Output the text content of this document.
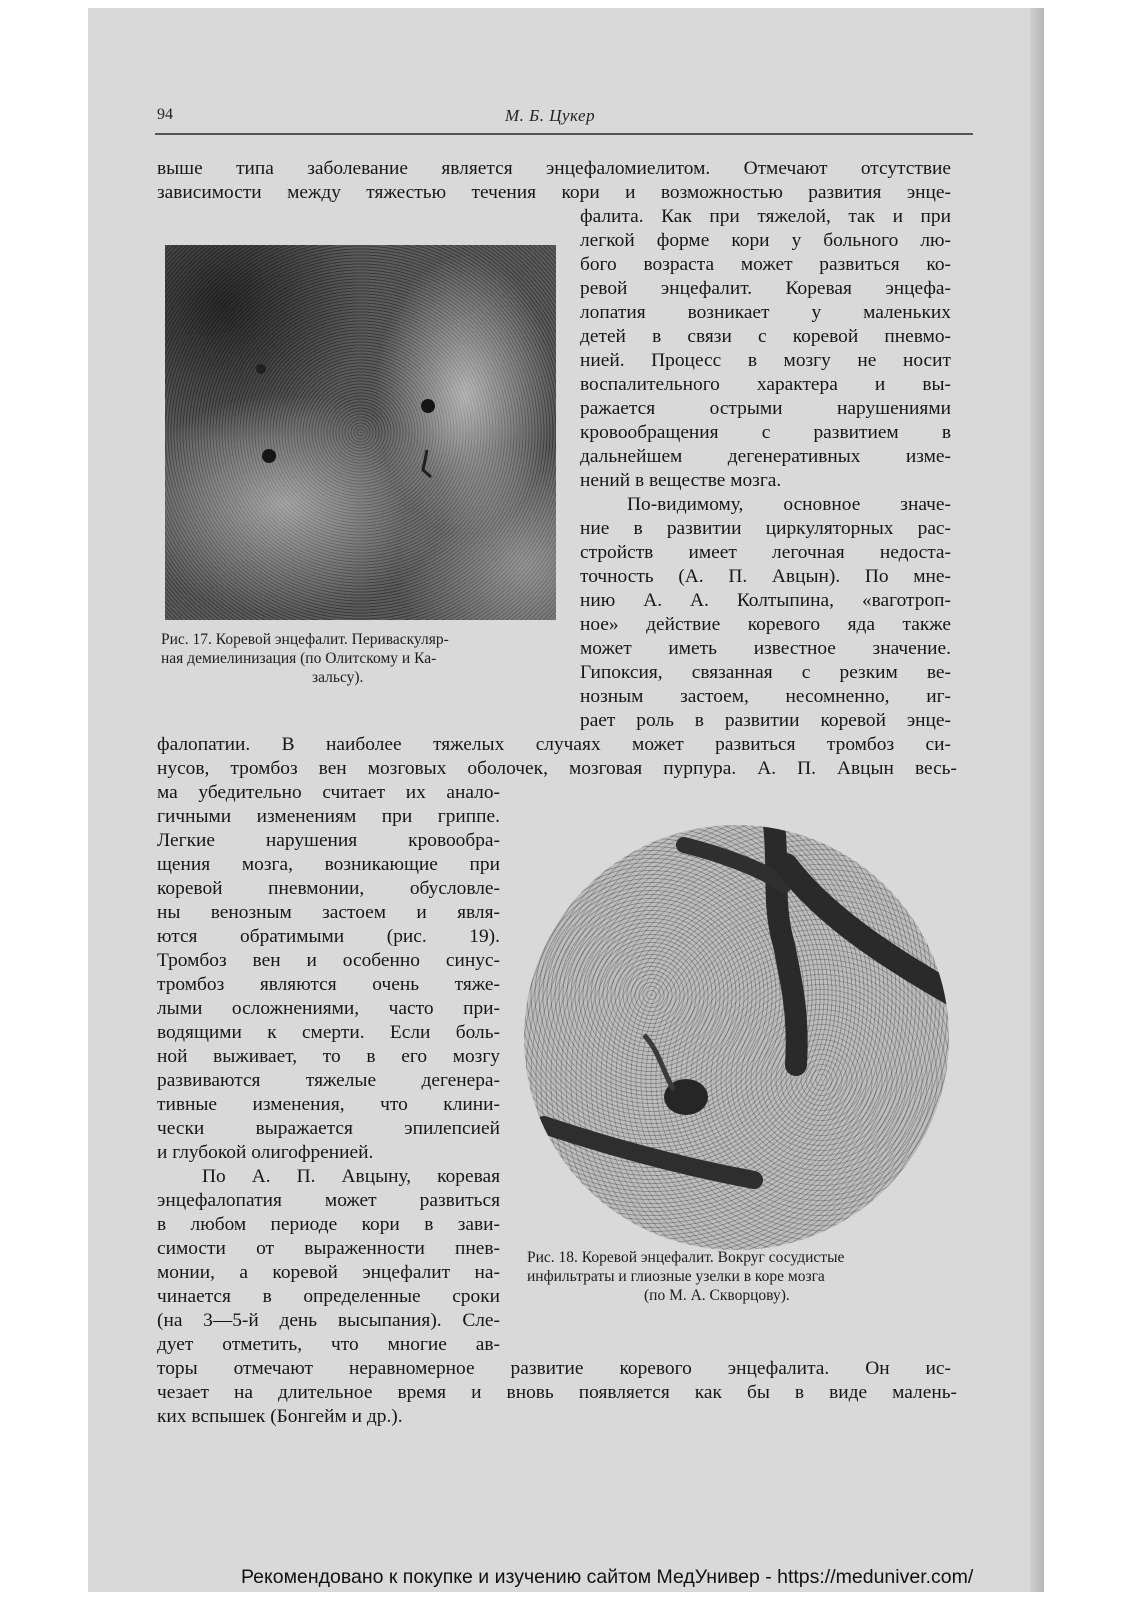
94	М. Б. Цукер
выше типа заболевание является энцефаломиелитом. Отмечают отсутствие
зависимости между тяжестью течения кори и возможностью развития энце-
Рис. 17. Коревой энцефалит. Периваскуляр-
ная демиелинизация (по Олитскому и Ка-
зальсу).
фалита. Как при тяжелой, так и при
легкой форме кори у больного лю-
бого возраста может развиться ко-
ревой энцефалит. Коревая энцефа-
лопатия возникает у маленьких
детей в связи с коревой пневмо-
нией. Процесс в мозгу не носит
воспалительного характера и вы-
ражается острыми нарушениями
кровообращения с развитием в
дальнейшем дегенеративных изме-
нений в веществе мозга.
По-видимому, основное значе-
ние в развитии циркуляторных рас-
стройств имеет легочная недоста-
точность (А. П. Авцын). По мне-
нию А. А. Колтыпина, «ваготроп-
ное» действие коревого яда также
может иметь известное значение.
Гипоксия, связанная с резким ве-
нозным застоем, несомненно, иг-
рает роль в развитии коревой энце-
фалопатии. В наиболее тяжелых случаях может развиться тромбоз си-
нусов, тромбоз вен мозговых оболочек, мозговая пурпура. А. П. Авцын весь-
ма убедительно считает их анало-
гичными изменениям при гриппе.
Легкие нарушения кровообра-
щения мозга, возникающие при
коревой пневмонии, обусловле-
ны венозным застоем и явля-
ются обратимыми (рис. 19).
Тромбоз вен и особенно синус-
тромбоз являются очень тяже-
лыми осложнениями, часто при-
водящими к смерти. Если боль-
ной выживает, то в его мозгу
развиваются тяжелые дегенера-
тивные изменения, что клини-
чески выражается эпилепсией
и глубокой олигофренией.
По А. П. Авцыну, коревая
энцефалопатия может развиться
в любом периоде кори в зави-
симости от выраженности пнев-
монии, а коревой энцефалит на-
чинается в определенные сроки
(на 3—5-й день высыпания). Сле-
дует отметить, что многие ав-
Рис. 18. Коревой энцефалит. Вокруг сосудистые
инфильтраты и глиозные узелки в коре мозга
(по М. А. Скворцову).
торы отмечают неравномерное развитие коревого энцефалита. Он ис-
чезает на длительное время и вновь появляется как бы в виде малень-
ких вспышек (Бонгейм и др.).
Рекомендовано к покупке и изучению сайтом МедУнивер - https://meduniver.com/
